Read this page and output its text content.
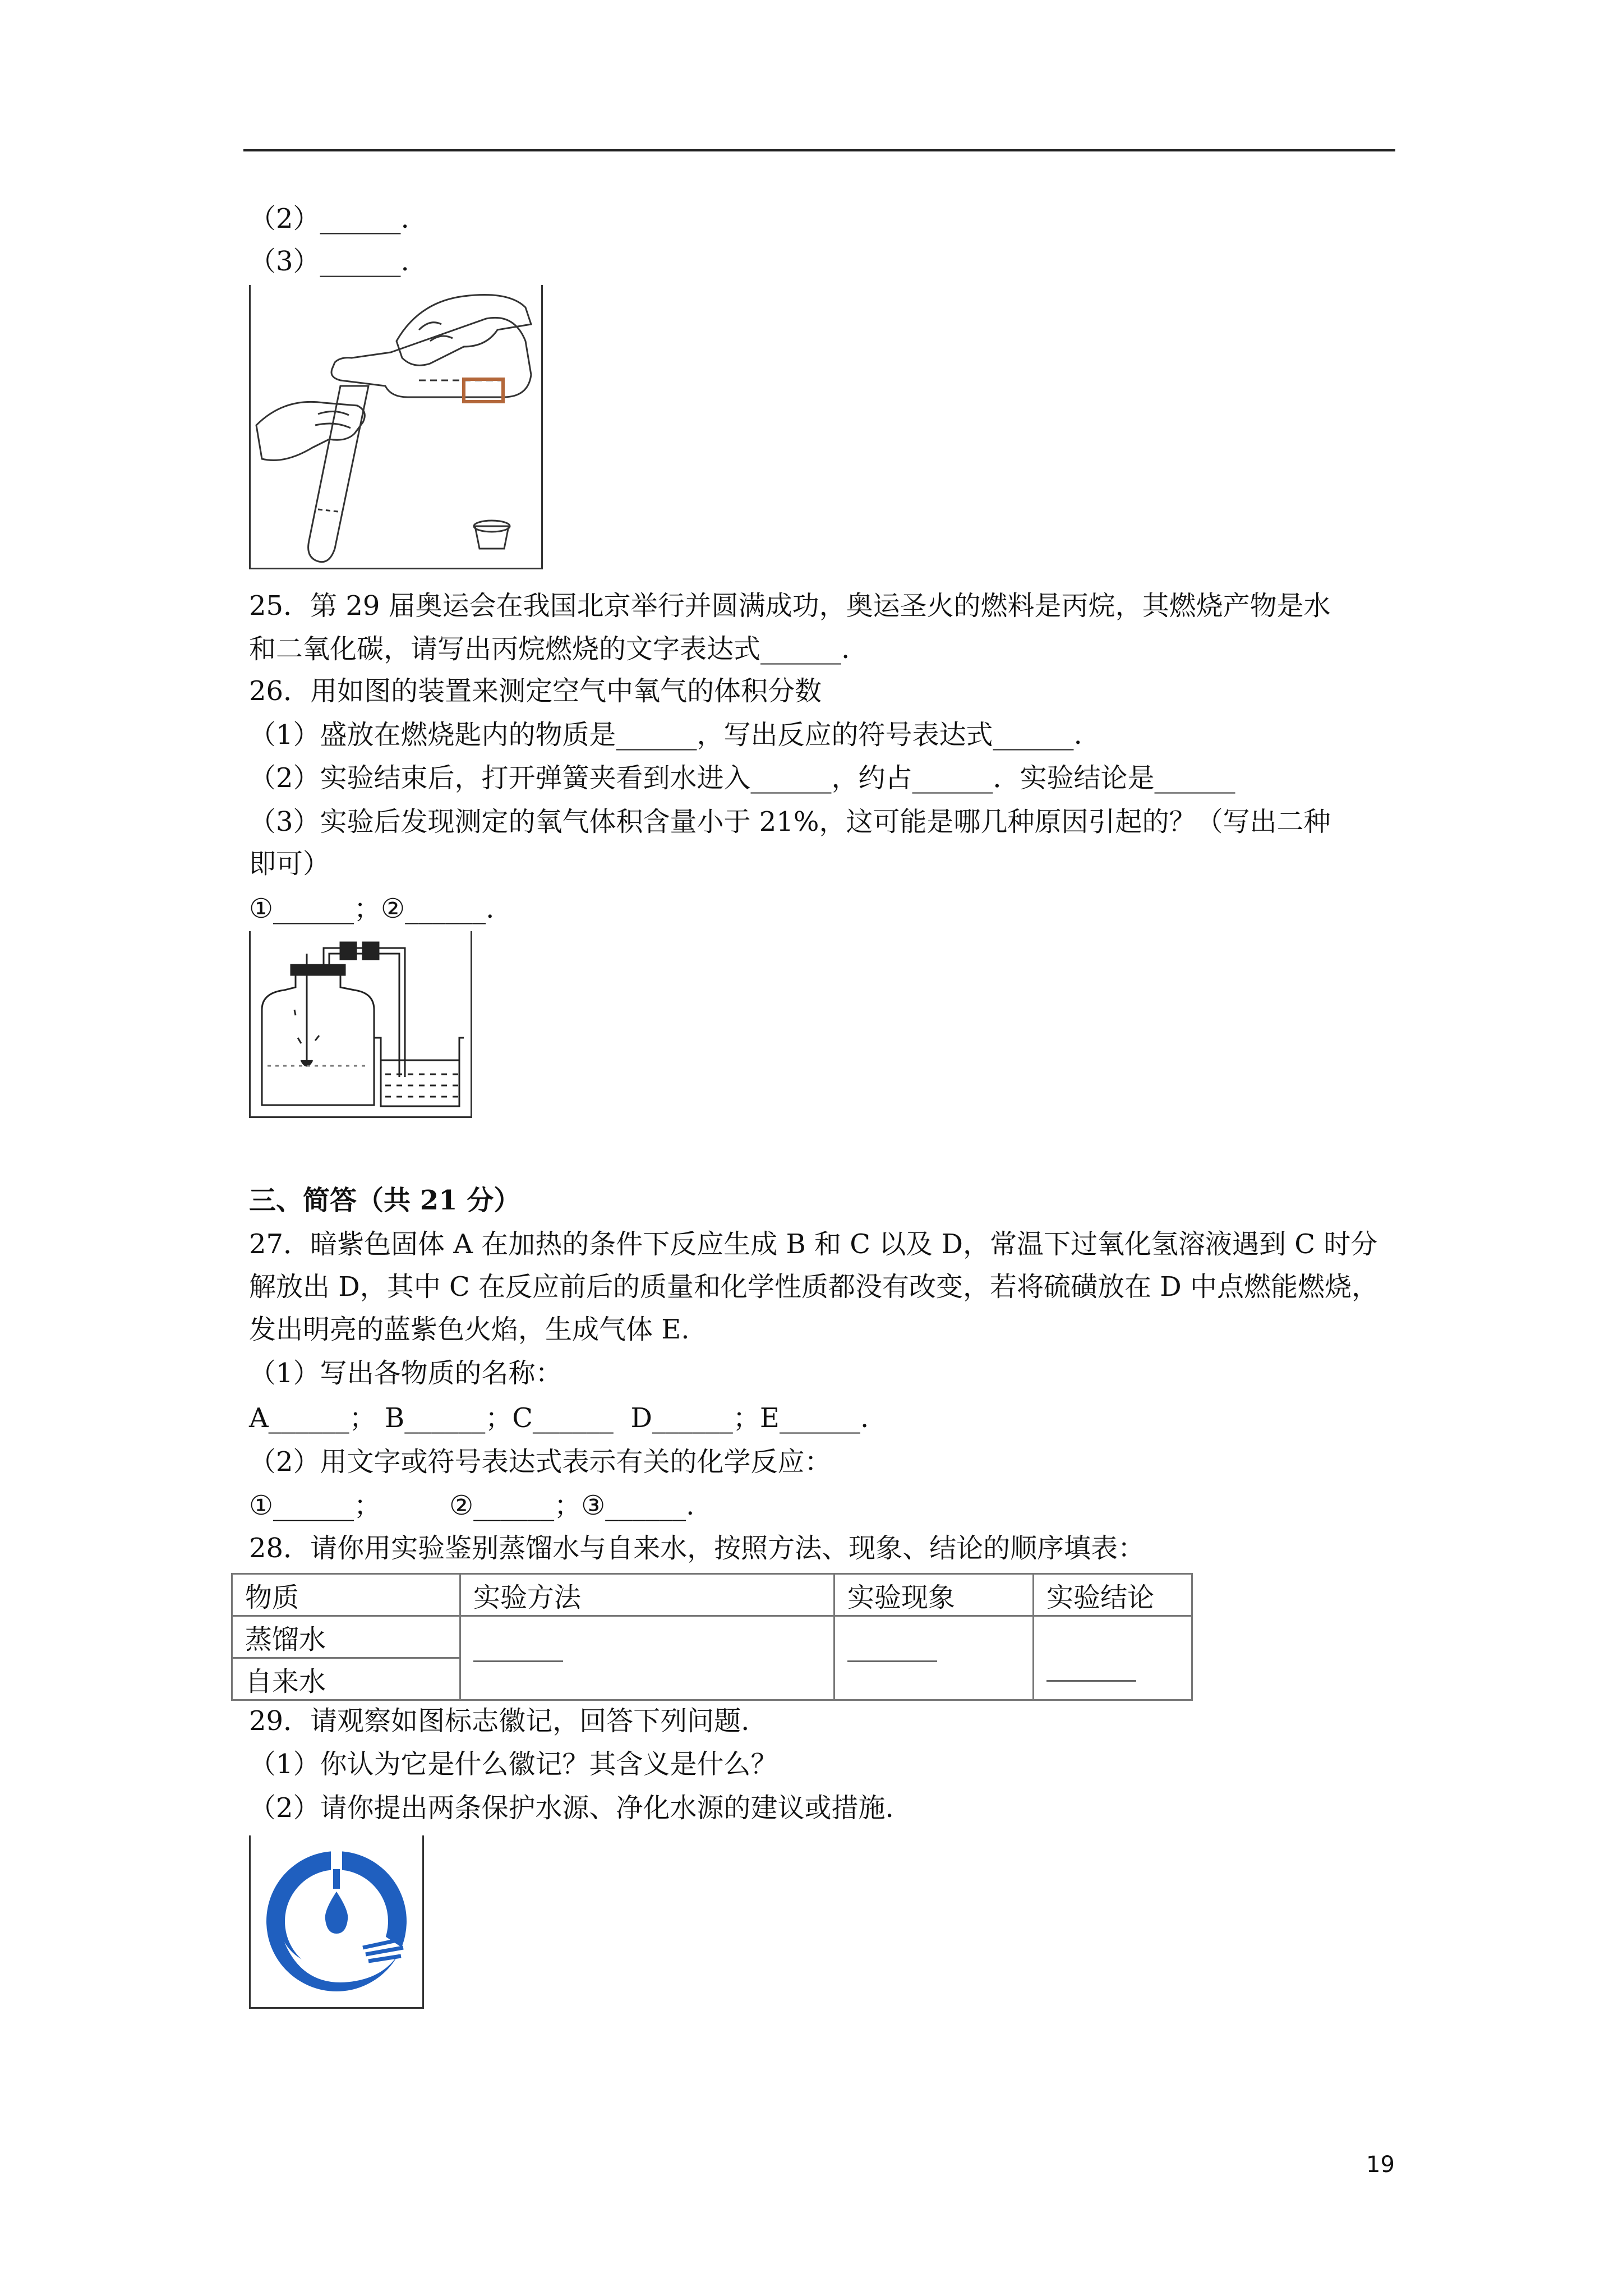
（2）______.
（3）______.
25．第 29 届奥运会在我国北京举行并圆满成功，奥运圣火的燃料是丙烷，其燃烧产物是水
和二氧化碳，请写出丙烷燃烧的文字表达式______.
26．用如图的装置来测定空气中氧气的体积分数
（1）盛放在燃烧匙内的物质是______，写出反应的符号表达式______.
（2）实验结束后，打开弹簧夹看到水进入______，约占______．实验结论是______
（3）实验后发现测定的氧气体积含量小于 21%，这可能是哪几种原因引起的？（写出二种
即可）
①______；②______.
三、简答（共 21 分）
27．暗紫色固体 A 在加热的条件下反应生成 B 和 C 以及 D，常温下过氧化氢溶液遇到 C 时分
解放出 D，其中 C 在反应前后的质量和化学性质都没有改变，若将硫磺放在 D 中点燃能燃烧，
发出明亮的蓝紫色火焰，生成气体 E.
（1）写出各物质的名称：
A______； B______；C______  D______；E______.
（2）用文字或符号表达式表示有关的化学反应：
①______；        ②______；③______.
28．请你用实验鉴别蒸馏水与自来水，按照方法、现象、结论的顺序填表：
物质	实验方法	实验现象	实验结论
蒸馏水			
自来水			
29．请观察如图标志徽记，回答下列问题.
（1）你认为它是什么徽记？其含义是什么？
（2）请你提出两条保护水源、净化水源的建议或措施.
19
